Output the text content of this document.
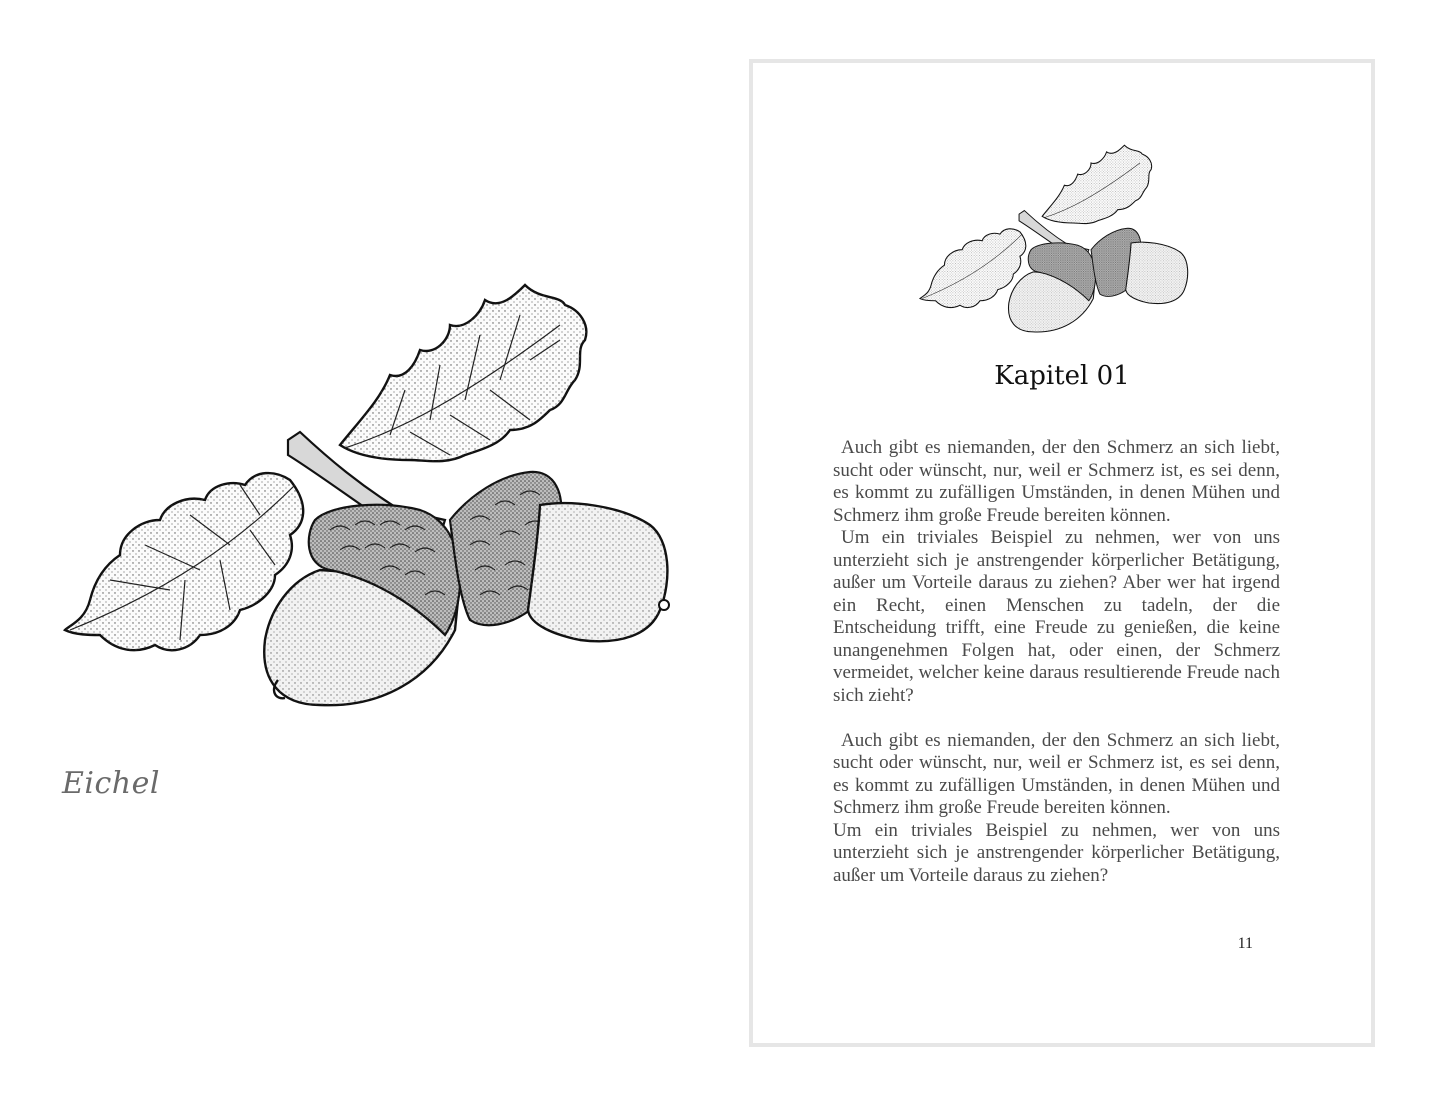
Eichel
Kapitel 01

Auch gibt es niemanden, der den Schmerz an sich liebt, sucht oder wünscht, nur, weil er Schmerz ist, es sei denn, es kommt zu zufälligen Umständen, in denen Mühen und Schmerz ihm große Freude bereiten können.

Um ein triviales Beispiel zu nehmen, wer von uns unterzieht sich je anstrengender körperlicher Betätigung, außer um Vorteile daraus zu ziehen? Aber wer hat irgend ein Recht, einen Menschen zu tadeln, der die Entscheidung trifft, eine Freude zu genießen, die keine unangenehmen Folgen hat, oder einen, der Schmerz vermeidet, welcher keine daraus resultierende Freude nach sich zieht?

Auch gibt es niemanden, der den Schmerz an sich liebt, sucht oder wünscht, nur, weil er Schmerz ist, es sei denn, es kommt zu zufälligen Umständen, in denen Mühen und Schmerz ihm große Freude bereiten können.

Um ein triviales Beispiel zu nehmen, wer von uns unterzieht sich je anstrengender körperlicher Betätigung, außer um Vorteile daraus zu ziehen?

11
